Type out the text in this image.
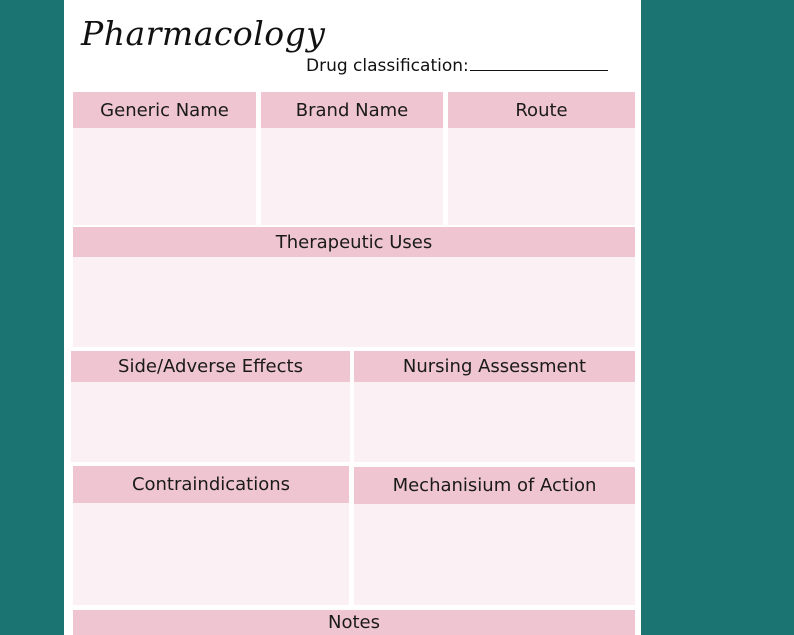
Pharmacology
Drug classification:
Generic Name	Brand Name	Route
Therapeutic Uses
Side/Adverse Effects	Nursing Assessment
Contraindications	Mechanisium of Action
Notes
